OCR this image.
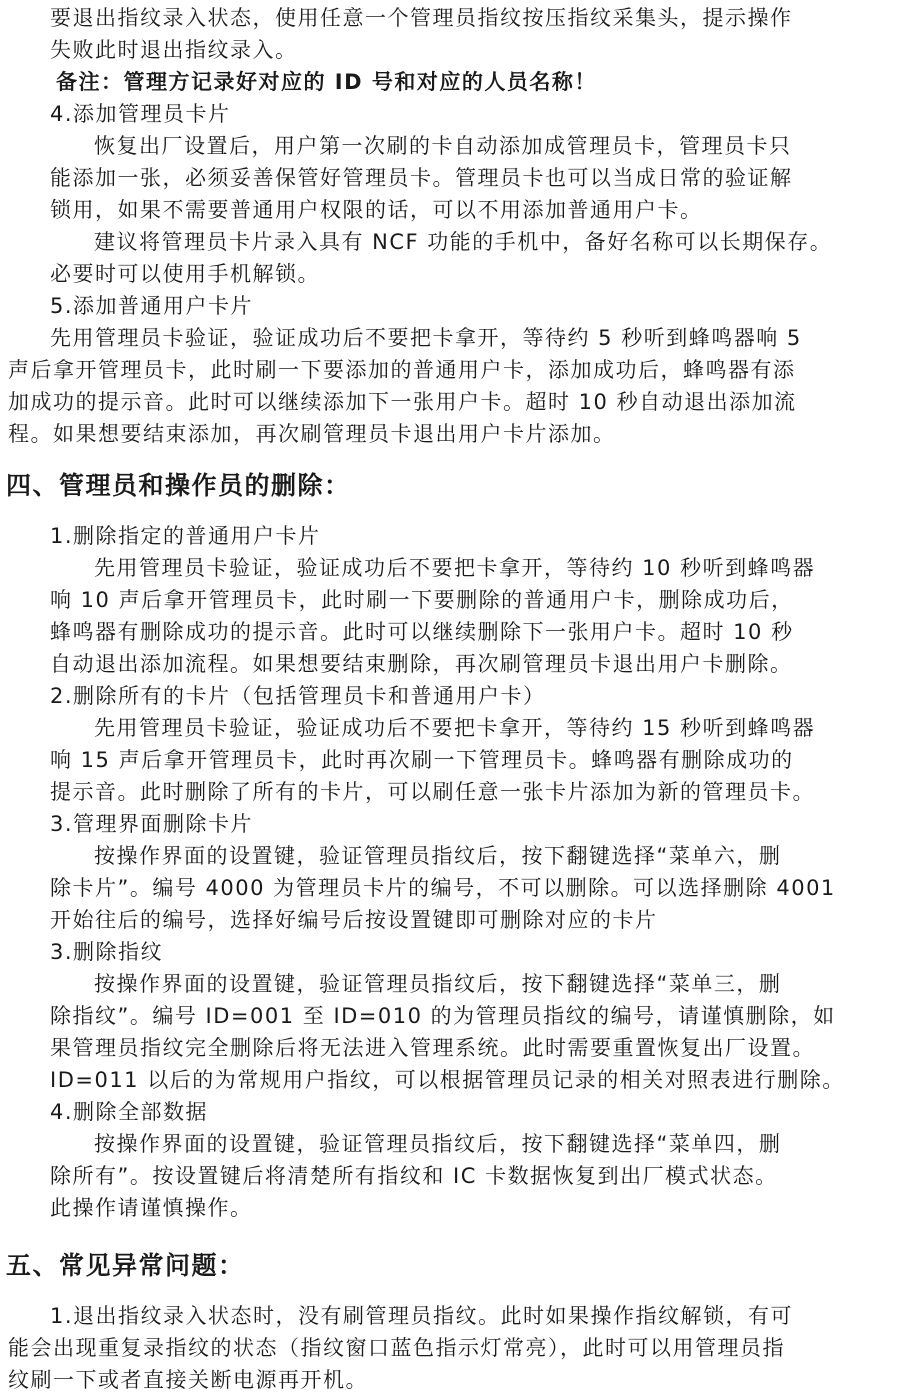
要退出指纹录入状态，使用任意一个管理员指纹按压指纹采集头，提示操作
失败此时退出指纹录入。
备注：管理方记录好对应的 ID 号和对应的人员名称！
4.添加管理员卡片
恢复出厂设置后，用户第一次刷的卡自动添加成管理员卡，管理员卡只
能添加一张，必须妥善保管好管理员卡。管理员卡也可以当成日常的验证解
锁用，如果不需要普通用户权限的话，可以不用添加普通用户卡。
建议将管理员卡片录入具有 NCF 功能的手机中，备好名称可以长期保存。
必要时可以使用手机解锁。
5.添加普通用户卡片
先用管理员卡验证，验证成功后不要把卡拿开，等待约 5 秒听到蜂鸣器响 5
声后拿开管理员卡，此时刷一下要添加的普通用户卡，添加成功后，蜂鸣器有添
加成功的提示音。此时可以继续添加下一张用户卡。超时 10 秒自动退出添加流
程。如果想要结束添加，再次刷管理员卡退出用户卡片添加。
四、管理员和操作员的删除：
1.删除指定的普通用户卡片
先用管理员卡验证，验证成功后不要把卡拿开，等待约 10 秒听到蜂鸣器
响 10 声后拿开管理员卡，此时刷一下要删除的普通用户卡，删除成功后，
蜂鸣器有删除成功的提示音。此时可以继续删除下一张用户卡。超时 10 秒
自动退出添加流程。如果想要结束删除，再次刷管理员卡退出用户卡删除。
2.删除所有的卡片（包括管理员卡和普通用户卡）
先用管理员卡验证，验证成功后不要把卡拿开，等待约 15 秒听到蜂鸣器
响 15 声后拿开管理员卡，此时再次刷一下管理员卡。蜂鸣器有删除成功的
提示音。此时删除了所有的卡片，可以刷任意一张卡片添加为新的管理员卡。
3.管理界面删除卡片
按操作界面的设置键，验证管理员指纹后，按下翻键选择“菜单六，删
除卡片”。编号 4000 为管理员卡片的编号，不可以删除。可以选择删除 4001
开始往后的编号，选择好编号后按设置键即可删除对应的卡片
3.删除指纹
按操作界面的设置键，验证管理员指纹后，按下翻键选择“菜单三，删
除指纹”。编号 ID=001 至 ID=010 的为管理员指纹的编号，请谨慎删除，如
果管理员指纹完全删除后将无法进入管理系统。此时需要重置恢复出厂设置。
ID=011 以后的为常规用户指纹，可以根据管理员记录的相关对照表进行删除。
4.删除全部数据
按操作界面的设置键，验证管理员指纹后，按下翻键选择“菜单四，删
除所有”。按设置键后将清楚所有指纹和 IC 卡数据恢复到出厂模式状态。
此操作请谨慎操作。
五、常见异常问题：
1.退出指纹录入状态时，没有刷管理员指纹。此时如果操作指纹解锁，有可
能会出现重复录指纹的状态（指纹窗口蓝色指示灯常亮），此时可以用管理员指
纹刷一下或者直接关断电源再开机。
